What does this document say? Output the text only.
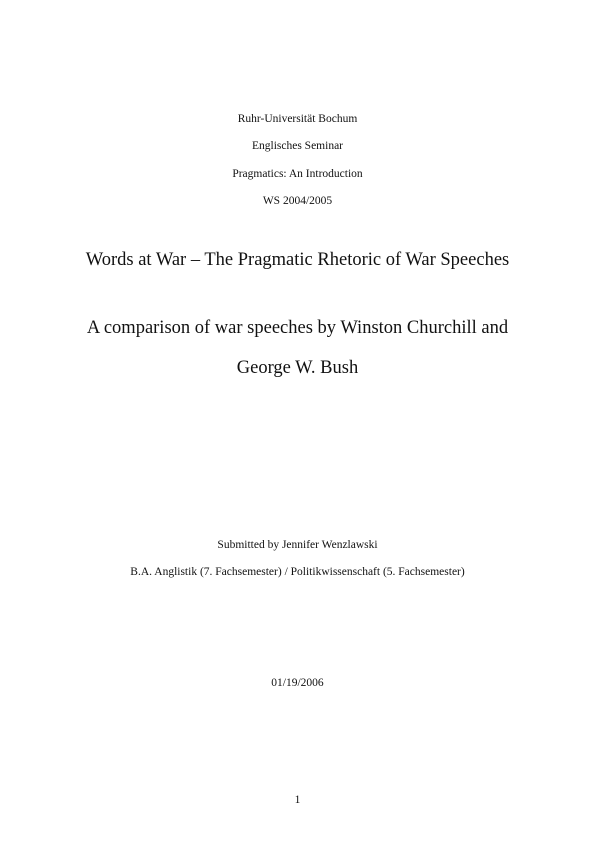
Ruhr-Universität Bochum
Englisches Seminar
Pragmatics: An Introduction
WS 2004/2005
Words at War – The Pragmatic Rhetoric of War Speeches
A comparison of war speeches by Winston Churchill and
George W. Bush
Submitted by Jennifer Wenzlawski
B.A. Anglistik (7. Fachsemester) / Politikwissenschaft (5. Fachsemester)
01/19/2006
1
